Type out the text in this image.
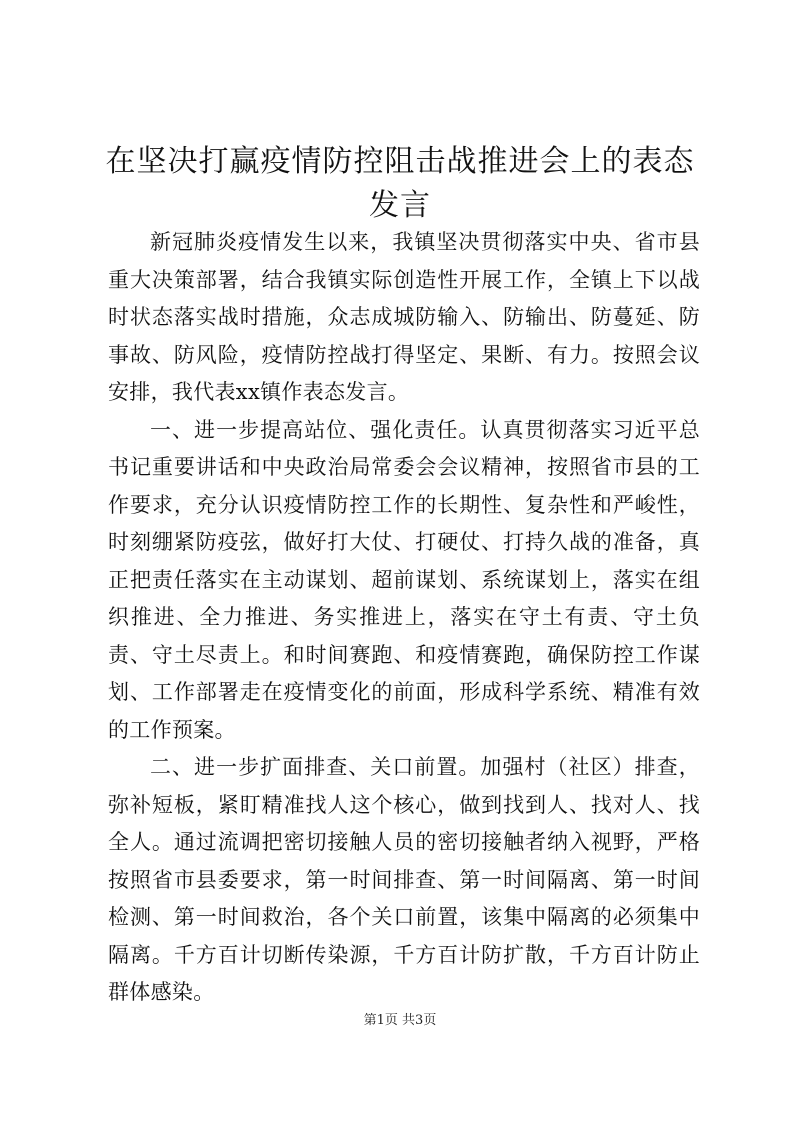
在坚决打赢疫情防控阻击战推进会上的表态发言

新冠肺炎疫情发生以来，我镇坚决贯彻落实中央、省市县重大决策部署，结合我镇实际创造性开展工作，全镇上下以战时状态落实战时措施，众志成城防输入、防输出、防蔓延、防事故、防风险，疫情防控战打得坚定、果断、有力。按照会议安排，我代表xx镇作表态发言。

一、进一步提高站位、强化责任。认真贯彻落实习近平总书记重要讲话和中央政治局常委会会议精神，按照省市县的工作要求，充分认识疫情防控工作的长期性、复杂性和严峻性，时刻绷紧防疫弦，做好打大仗、打硬仗、打持久战的准备，真正把责任落实在主动谋划、超前谋划、系统谋划上，落实在组织推进、全力推进、务实推进上，落实在守土有责、守土负责、守土尽责上。和时间赛跑、和疫情赛跑，确保防控工作谋划、工作部署走在疫情变化的前面，形成科学系统、精准有效的工作预案。

二、进一步扩面排查、关口前置。加强村（社区）排查，弥补短板，紧盯精准找人这个核心，做到找到人、找对人、找全人。通过流调把密切接触人员的密切接触者纳入视野，严格按照省市县委要求，第一时间排查、第一时间隔离、第一时间检测、第一时间救治，各个关口前置，该集中隔离的必须集中隔离。千方百计切断传染源，千方百计防扩散，千方百计防止群体感染。

第1页 共3页
